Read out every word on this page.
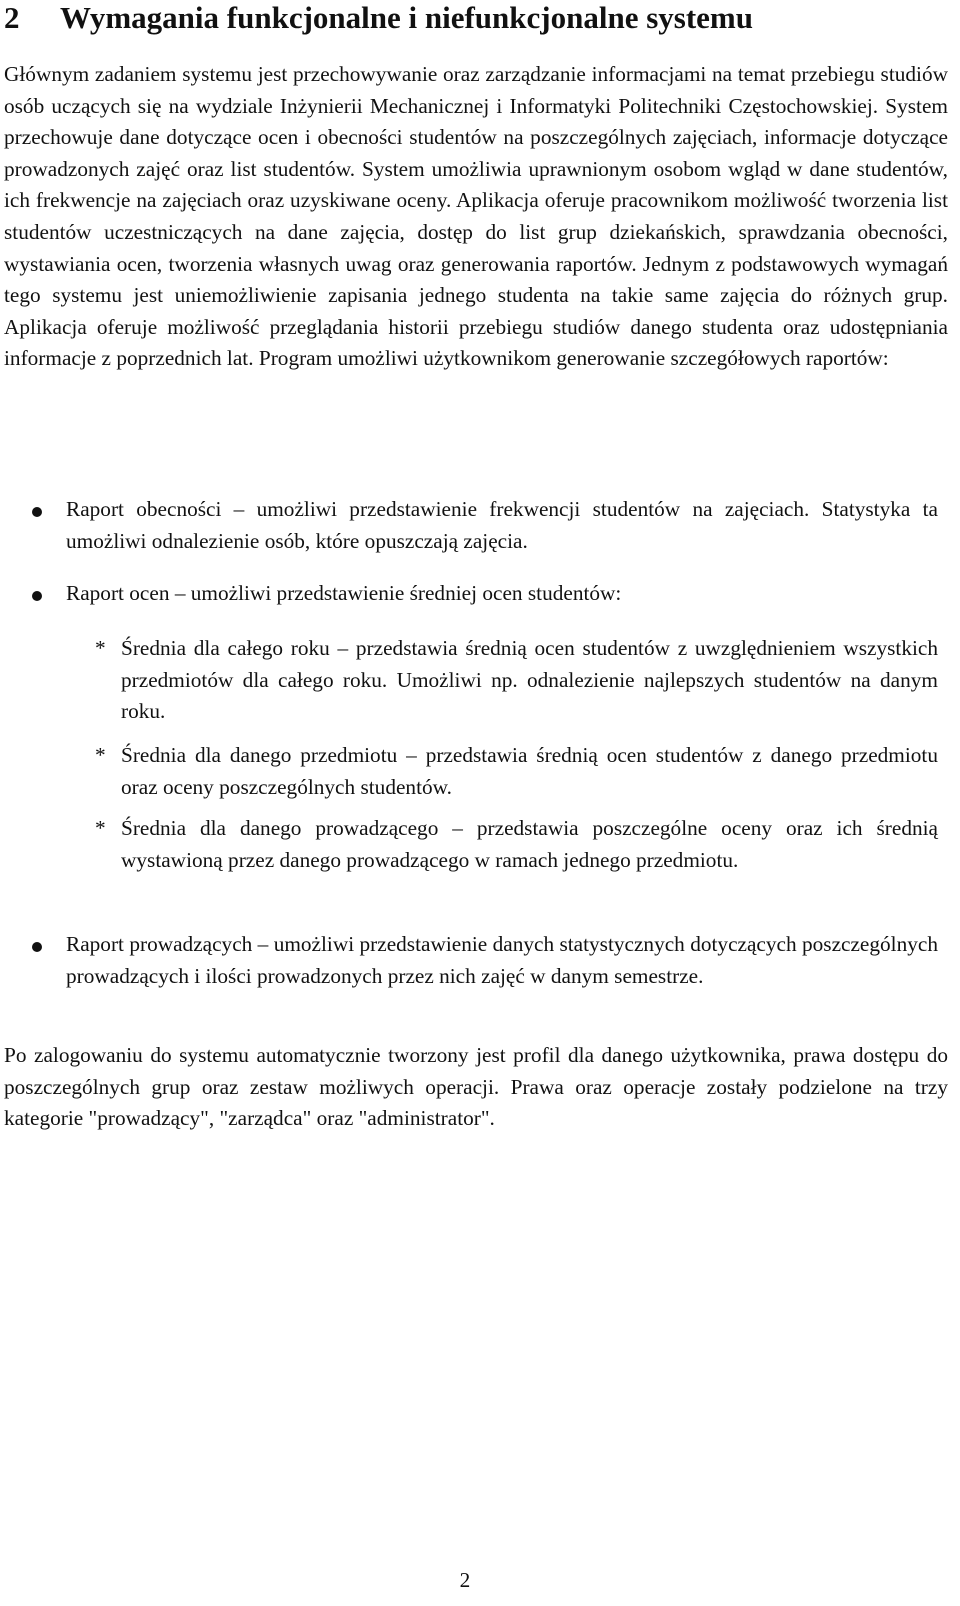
2 Wymagania funkcjonalne i niefunkcjonalne systemu

Głównym zadaniem systemu jest przechowywanie oraz zarządzanie informacjami na temat przebiegu studiów osób uczących się na wydziale Inżynierii Mechanicznej i Informatyki Politechniki Częstochowskiej. System przechowuje dane dotyczące ocen i obecności studentów na poszczególnych zajęciach, informacje dotyczące prowadzonych zajęć oraz list studentów. System umożliwia uprawnionym osobom wgląd w dane studentów, ich frekwencje na zajęciach oraz uzyskiwane oceny. Aplikacja oferuje pracownikom możliwość tworzenia list studentów uczestniczących na dane zajęcia, dostęp do list grup dziekańskich, sprawdzania obecności, wystawiania ocen, tworzenia własnych uwag oraz generowania raportów. Jednym z podstawowych wymagań tego systemu jest uniemożliwienie zapisania jednego studenta na takie same zajęcia do różnych grup. Aplikacja oferuje możliwość przeglądania historii przebiegu studiów danego studenta oraz udostępniania informacje z poprzednich lat. Program umożliwi użytkownikom generowanie szczegółowych raportów:

Raport obecności – umożliwi przedstawienie frekwencji studentów na zajęciach. Statystyka ta umożliwi odnalezienie osób, które opuszczają zajęcia.

Raport ocen – umożliwi przedstawienie średniej ocen studentów:

Raport prowadzących – umożliwi przedstawienie danych statystycznych dotyczących poszczególnych prowadzących i ilości prowadzonych przez nich zajęć w danym semestrze.

* Średnia dla całego roku – przedstawia średnią ocen studentów z uwzględnieniem wszystkich przedmiotów dla całego roku. Umożliwi np. odnalezienie najlepszych studentów na danym roku.

* Średnia dla danego przedmiotu – przedstawia średnią ocen studentów z danego przedmiotu oraz oceny poszczególnych studentów.

* Średnia dla danego prowadzącego – przedstawia poszczególne oceny oraz ich średnią wystawioną przez danego prowadzącego w ramach jednego przedmiotu.

Po zalogowaniu do systemu automatycznie tworzony jest profil dla danego użytkownika, prawa dostępu do poszczególnych grup oraz zestaw możliwych operacji. Prawa oraz operacje zostały podzielone na trzy kategorie "prowadzący", "zarządca" oraz "administrator".

2
